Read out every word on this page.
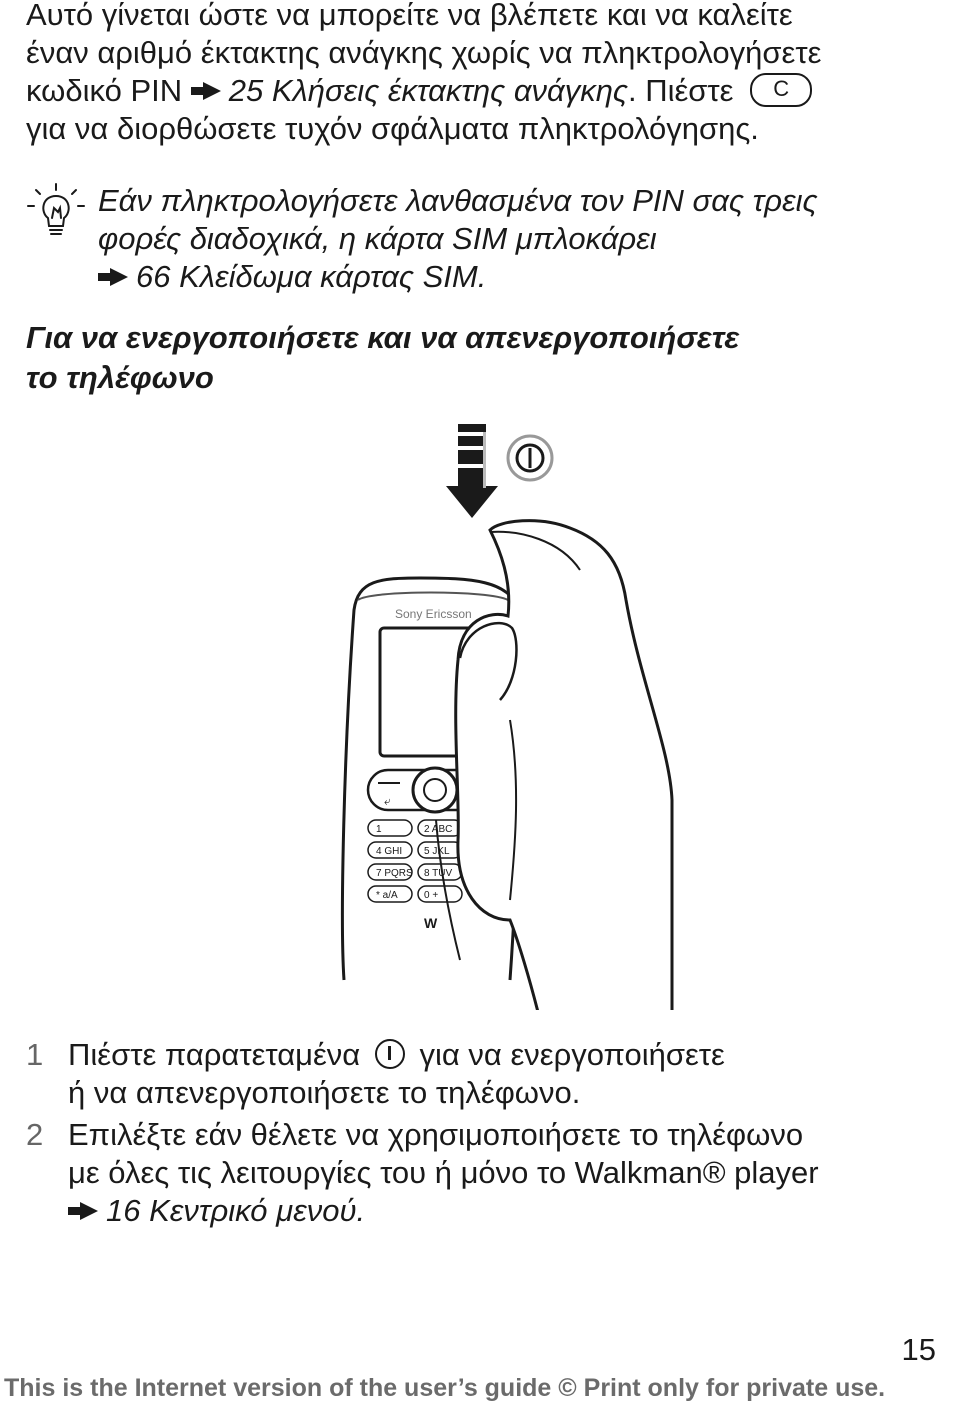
Αυτό γίνεται ώστε να μπορείτε να βλέπετε και να καλείτε
έναν αριθμό έκτακτης ανάγκης χωρίς να πληκτρολογήσετε
κωδικό PIN 25 Κλήσεις έκτακτης ανάγκης. Πιέστε C
για να διορθώσετε τυχόν σφάλματα πληκτρολόγησης.
Εάν πληκτρολογήσετε λανθασμένα τον PIN σας τρεις
φορές διαδοχικά, η κάρτα SIM μπλοκάρει
66 Κλείδωμα κάρτας SIM.
Για να ενεργοποιήσετε και να απενεργοποιήσετε
το τηλέφωνο
Sony Ericsson
⤶
1	2 ABC
4 GHI 5 JKL
7 PQRS 8 TUV
* a/A	0 +
W
1 Πιέστε παρατεταμένα για να ενεργοποιήσετε
ή να απενεργοποιήσετε το τηλέφωνο.
2 Επιλέξτε εάν θέλετε να χρησιμοποιήσετε το τηλέφωνο
με όλες τις λειτουργίες του ή μόνο το Walkman® player
16 Κεντρικό μενού.
15
This is the Internet version of the user’s guide © Print only for private use.
